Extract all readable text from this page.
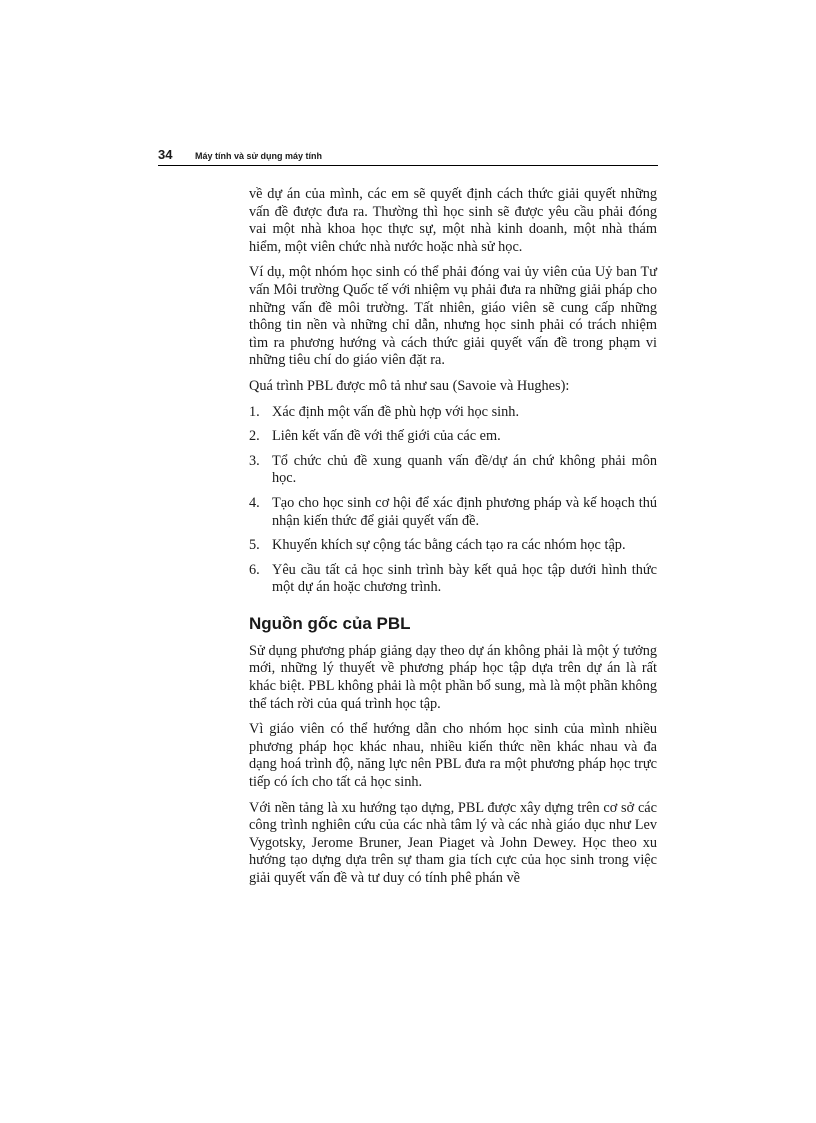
34	Máy tính và sử dụng máy tính

về dự án của mình, các em sẽ quyết định cách thức giải quyết những vấn đề được đưa ra. Thường thì học sinh sẽ được yêu cầu phải đóng vai một nhà khoa học thực sự, một nhà kinh doanh, một nhà thám hiểm, một viên chức nhà nước hoặc nhà sử học.

Ví dụ, một nhóm học sinh có thể phải đóng vai ủy viên của Uỷ ban Tư vấn Môi trường Quốc tế với nhiệm vụ phải đưa ra những giải pháp cho những vấn đề môi trường. Tất nhiên, giáo viên sẽ cung cấp những thông tin nền và những chỉ dẫn, nhưng học sinh phải có trách nhiệm tìm ra phương hướng và cách thức giải quyết vấn đề trong phạm vi những tiêu chí do giáo viên đặt ra.

Quá trình PBL được mô tả như sau (Savoie và Hughes):

1. Xác định một vấn đề phù hợp với học sinh.
2. Liên kết vấn đề với thế giới của các em.
3. Tổ chức chủ đề xung quanh vấn đề/dự án chứ không phải môn học.
4. Tạo cho học sinh cơ hội để xác định phương pháp và kế hoạch thú nhận kiến thức để giải quyết vấn đề.
5. Khuyến khích sự cộng tác bằng cách tạo ra các nhóm học tập.
6. Yêu cầu tất cả học sinh trình bày kết quả học tập dưới hình thức một dự án hoặc chương trình.
Nguồn gốc của PBL

Sử dụng phương pháp giảng dạy theo dự án không phải là một ý tưởng mới, những lý thuyết về phương pháp học tập dựa trên dự án là rất khác biệt. PBL không phải là một phần bổ sung, mà là một phần không thể tách rời của quá trình học tập.

Vì giáo viên có thể hướng dẫn cho nhóm học sinh của mình nhiều phương pháp học khác nhau, nhiều kiến thức nền khác nhau và đa dạng hoá trình độ, năng lực nên PBL đưa ra một phương pháp học trực tiếp có ích cho tất cả học sinh.

Với nền tảng là xu hướng tạo dựng, PBL được xây dựng trên cơ sở các công trình nghiên cứu của các nhà tâm lý và các nhà giáo dục như Lev Vygotsky, Jerome Bruner, Jean Piaget và John Dewey. Học theo xu hướng tạo dựng dựa trên sự tham gia tích cực của học sinh trong việc giải quyết vấn đề và tư duy có tính phê phán về
